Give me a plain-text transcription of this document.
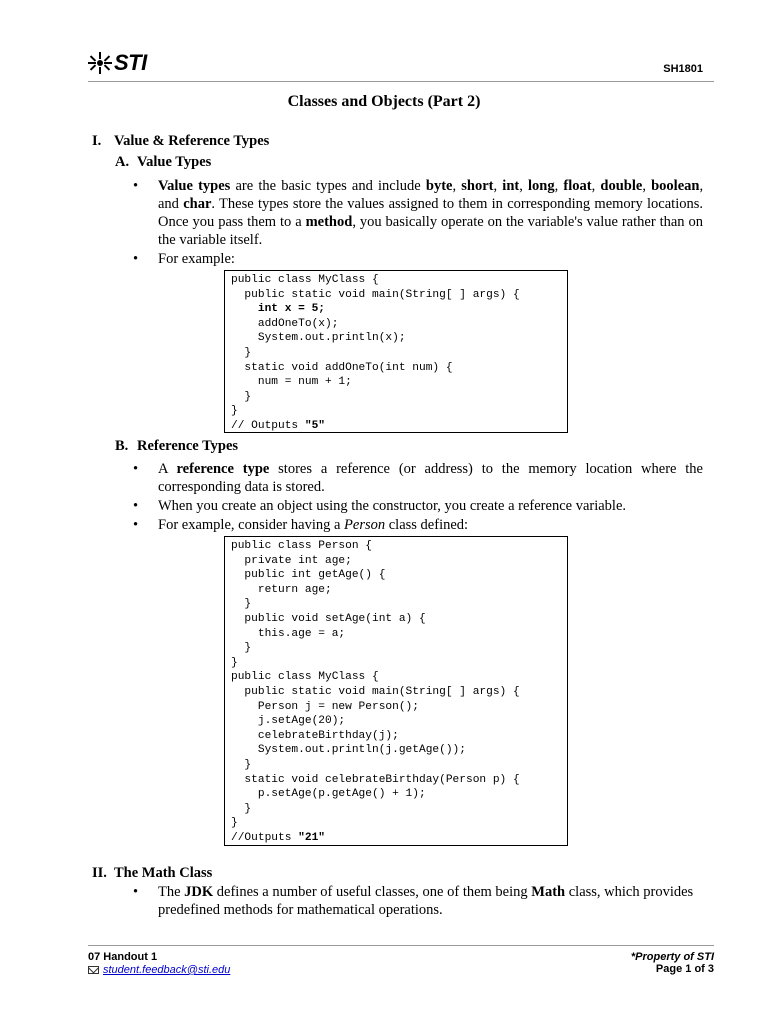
STI	SH1801
Classes and Objects (Part 2)
I. Value & Reference Types
A. Value Types
•	Value types are the basic types and include byte, short, int, long, float, double, boolean, and char. These types store the values assigned to them in corresponding memory locations. Once you pass them to a method, you basically operate on the variable's value rather than on the variable itself.
•	For example:
public class MyClass {
public static void main(String[ ] args) {
int x = 5;
addOneTo(x);
System.out.println(x);
}
static void addOneTo(int num) {
num = num + 1;
}
}
// Outputs "5"
B. Reference Types
•	A reference type stores a reference (or address) to the memory location where the corresponding data is stored.
•	When you create an object using the constructor, you create a reference variable.
•	For example, consider having a Person class defined:
public class Person {
private int age;
public int getAge() {
return age;
}
public void setAge(int a) {
this.age = a;
}
}
public class MyClass {
public static void main(String[ ] args) {
Person j = new Person();
j.setAge(20);
celebrateBirthday(j);
System.out.println(j.getAge());
}
static void celebrateBirthday(Person p) {
p.setAge(p.getAge() + 1);
}
}
//Outputs "21"
II. The Math Class
•	The JDK defines a number of useful classes, one of them being Math class, which provides predefined methods for mathematical operations.
07 Handout 1
student.feedback@sti.edu
*Property of STI
Page 1 of 3
